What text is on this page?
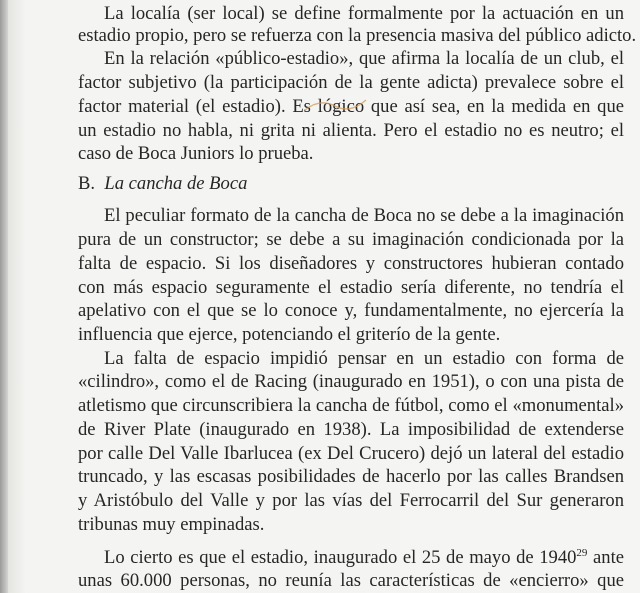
La localía (ser local) se define formalmente por la actuación en un
estadio propio, pero se refuerza con la presencia masiva del público adicto.
En la relación «público-estadio», que afirma la localía de un club, el
factor subjetivo (la participación de la gente adicta) prevalece sobre el
factor material (el estadio). Es lógico que así sea, en la medida en que
un estadio no habla, ni grita ni alienta. Pero el estadio no es neutro; el
caso de Boca Juniors lo prueba.
B. La cancha de Boca
El peculiar formato de la cancha de Boca no se debe a la imaginación
pura de un constructor; se debe a su imaginación condicionada por la
falta de espacio. Si los diseñadores y constructores hubieran contado
con más espacio seguramente el estadio sería diferente, no tendría el
apelativo con el que se lo conoce y, fundamentalmente, no ejercería la
influencia que ejerce, potenciando el griterío de la gente.
La falta de espacio impidió pensar en un estadio con forma de
«cilindro», como el de Racing (inaugurado en 1951), o con una pista de
atletismo que circunscribiera la cancha de fútbol, como el «monumental»
de River Plate (inaugurado en 1938). La imposibilidad de extenderse
por calle Del Valle Ibarlucea (ex Del Crucero) dejó un lateral del estadio
truncado, y las escasas posibilidades de hacerlo por las calles Brandsen
y Aristóbulo del Valle y por las vías del Ferrocarril del Sur generaron
tribunas muy empinadas.
Lo cierto es que el estadio, inaugurado el 25 de mayo de 1940$^{29}$ ante
unas 60.000 personas, no reunía las características de «encierro» que
